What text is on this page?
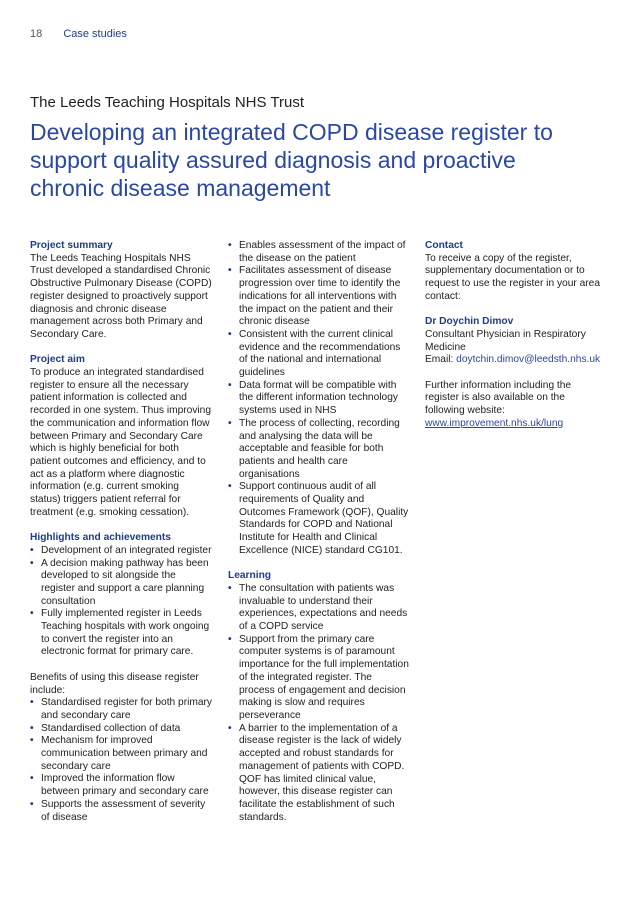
18 Case studies
The Leeds Teaching Hospitals NHS Trust
Developing an integrated COPD disease register to support quality assured diagnosis and proactive chronic disease management
Project summary

The Leeds Teaching Hospitals NHS Trust developed a standardised Chronic Obstructive Pulmonary Disease (COPD) register designed to proactively support diagnosis and chronic disease management across both Primary and Secondary Care.

Project aim

To produce an integrated standardised register to ensure all the necessary patient information is collected and recorded in one system. Thus improving the communication and information flow between Primary and Secondary Care which is highly beneficial for both patient outcomes and efficiency, and to act as a platform where diagnostic information (e.g. current smoking status) triggers patient referral for treatment (e.g. smoking cessation).

Highlights and achievements
• Development of an integrated register
• A decision making pathway has been developed to sit alongside the register and support a care planning consultation
• Fully implemented register in Leeds Teaching hospitals with work ongoing to convert the register into an electronic format for primary care.

Benefits of using this disease register include:

• Standardised register for both primary and secondary care
• Standardised collection of data
• Mechanism for improved communication between primary and secondary care
• Improved the information flow between primary and secondary care
• Supports the assessment of severity of disease
• Enables assessment of the impact of the disease on the patient
• Facilitates assessment of disease progression over time to identify the indications for all interventions with the impact on the patient and their chronic disease
• Consistent with the current clinical evidence and the recommendations of the national and international guidelines
• Data format will be compatible with the different information technology systems used in NHS
• The process of collecting, recording and analysing the data will be acceptable and feasible for both patients and health care organisations
• Support continuous audit of all requirements of Quality and Outcomes Framework (QOF), Quality Standards for COPD and National Institute for Health and Clinical Excellence (NICE) standard CG101.
Learning
• The consultation with patients was invaluable to understand their experiences, expectations and needs of a COPD service
• Support from the primary care computer systems is of paramount importance for the full implementation of the integrated register. The process of engagement and decision making is slow and requires perseverance
• A barrier to the implementation of a disease register is the lack of widely accepted and robust standards for management of patients with COPD. QOF has limited clinical value, however, this disease register can facilitate the establishment of such standards.
Contact

To receive a copy of the register, supplementary documentation or to request to use the register in your area contact:

Dr Doychin Dimov

Consultant Physician in Respiratory Medicine

Email: doytchin.dimov@leedsth.nhs.uk

Further information including the register is also available on the following website:

www.improvement.nhs.uk/lung
